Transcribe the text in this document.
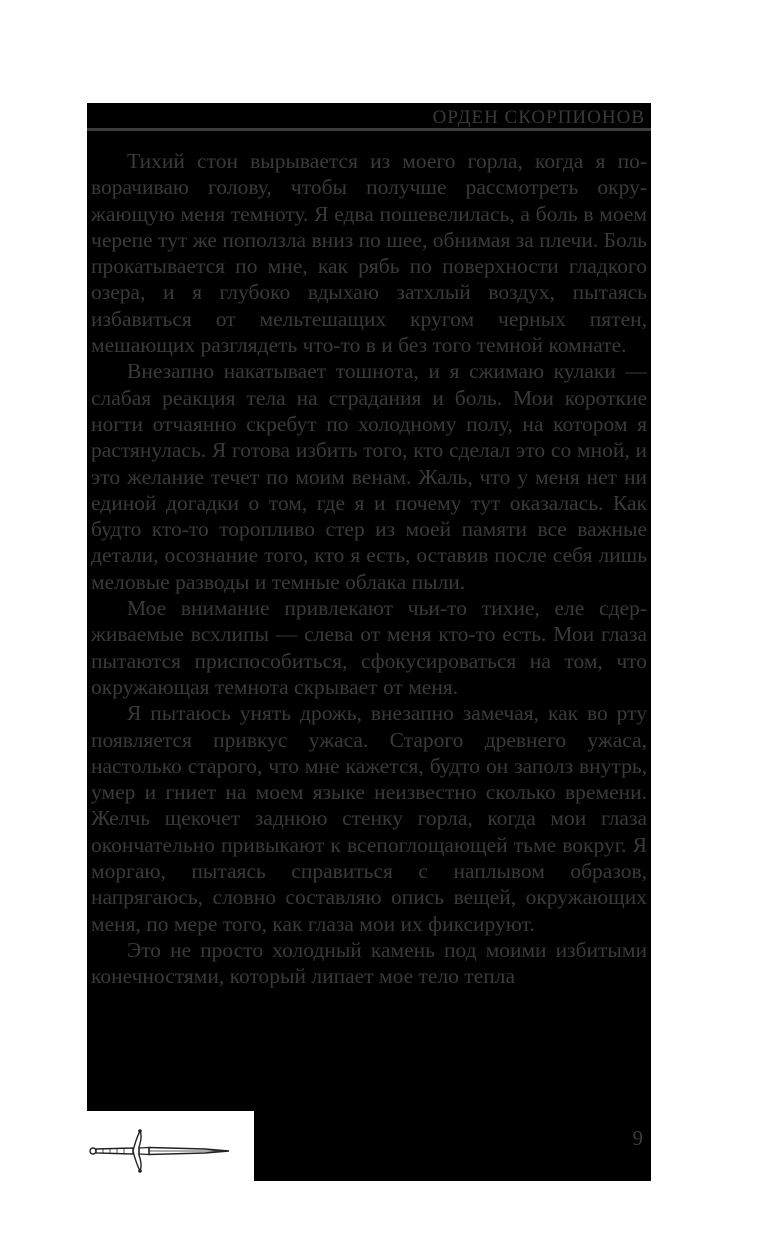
ОРДЕН СКОРПИОНОВ

Тихий стон вырывается из моего горла, когда я поворачиваю голову, чтобы получше рассмотреть окружающую меня темноту. Я едва пошевелилась, а боль в моем черепе тут же поползла вниз по шее, обнимая за плечи. Боль прокатывается по мне, как рябь по поверхности гладкого озера, и я глубоко вдыхаю затхлый воздух, пытаясь избавиться от мельтешащих кругом черных пятен, мешающих разглядеть что-то в и без того темной комнате.

Внезапно накатывает тошнота, и я сжимаю кулаки — слабая реакция тела на страдания и боль. Мои короткие ногти отчаянно скребут по холодному полу, на котором я растянулась. Я готова избить того, кто сделал это со мной, и это желание течет по моим венам. Жаль, что у меня нет ни единой догадки о том, где я и почему тут оказалась. Как будто кто-то торопливо стер из моей памяти все важные детали, осознание того, кто я есть, оставив после себя лишь меловые разводы и темные облака пыли.

Мое внимание привлекают чьи-то тихие, еле сдерживаемые всхлипы — слева от меня кто-то есть. Мои глаза пытаются приспособиться, сфокусироваться на том, что окружающая темнота скрывает от меня.

Я пытаюсь унять дрожь, внезапно замечая, как во рту появляется привкус ужаса. Старого древнего ужаса, настолько старого, что мне кажется, будто он заполз внутрь, умер и гниет на моем языке неизвестно сколько времени. Желчь щекочет заднюю стенку горла, когда мои глаза окончательно привыкают к всепоглощающей тьме вокруг. Я моргаю, пытаясь справиться с наплывом образов, напрягаюсь, словно составляю опись вещей, окружающих меня, по мере того, как глаза мои их фиксируют.

Это не просто холодный камень под моими избитыми конечностями, который липает мое тело тепла

9
